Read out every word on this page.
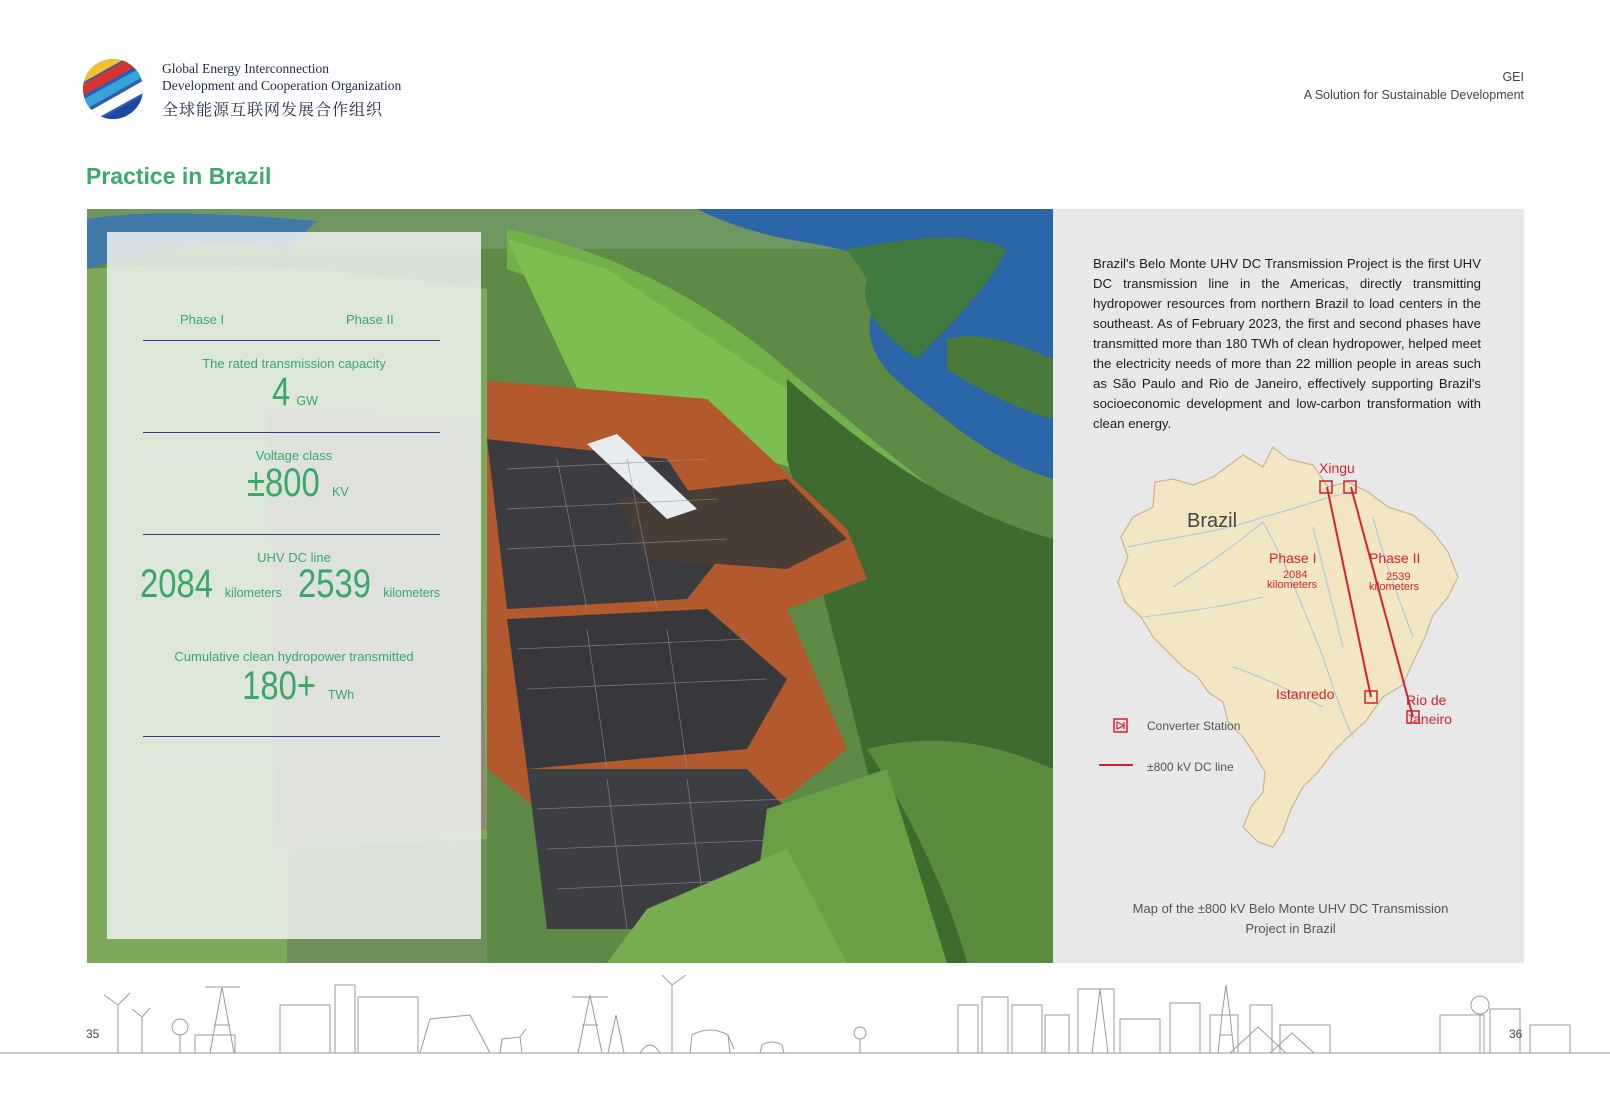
Global Energy Interconnection
Development and Cooperation Organization
全球能源互联网发展合作组织
GEI
A Solution for Sustainable Development
Practice in Brazil
Phase I	Phase II
The rated transmission capacity
4 GW
Voltage class
±800 KV
UHV DC line
2084 kilometers 2539 kilometers
Cumulative clean hydropower transmitted
180+ TWh
Brazil's Belo Monte UHV DC Transmission Project is the first UHV DC transmission line in the Americas, directly transmitting hydropower resources from northern Brazil to load centers in the southeast. As of February 2023, the first and second phases have transmitted more than 180 TWh of clean hydropower, helped meet the electricity needs of more than 22 million people in areas such as São Paulo and Rio de Janeiro, effectively supporting Brazil's socioeconomic development and low-carbon transformation with clean energy.
Xingu
Brazil
Phase I
2084
kilometers
Phase II
2539
kilometers
Istanredo	Rio de
Janeiro
Converter Station
±800 kV DC line
Map of the ±800 kV Belo Monte UHV DC Transmission
Project in Brazil
35	36
